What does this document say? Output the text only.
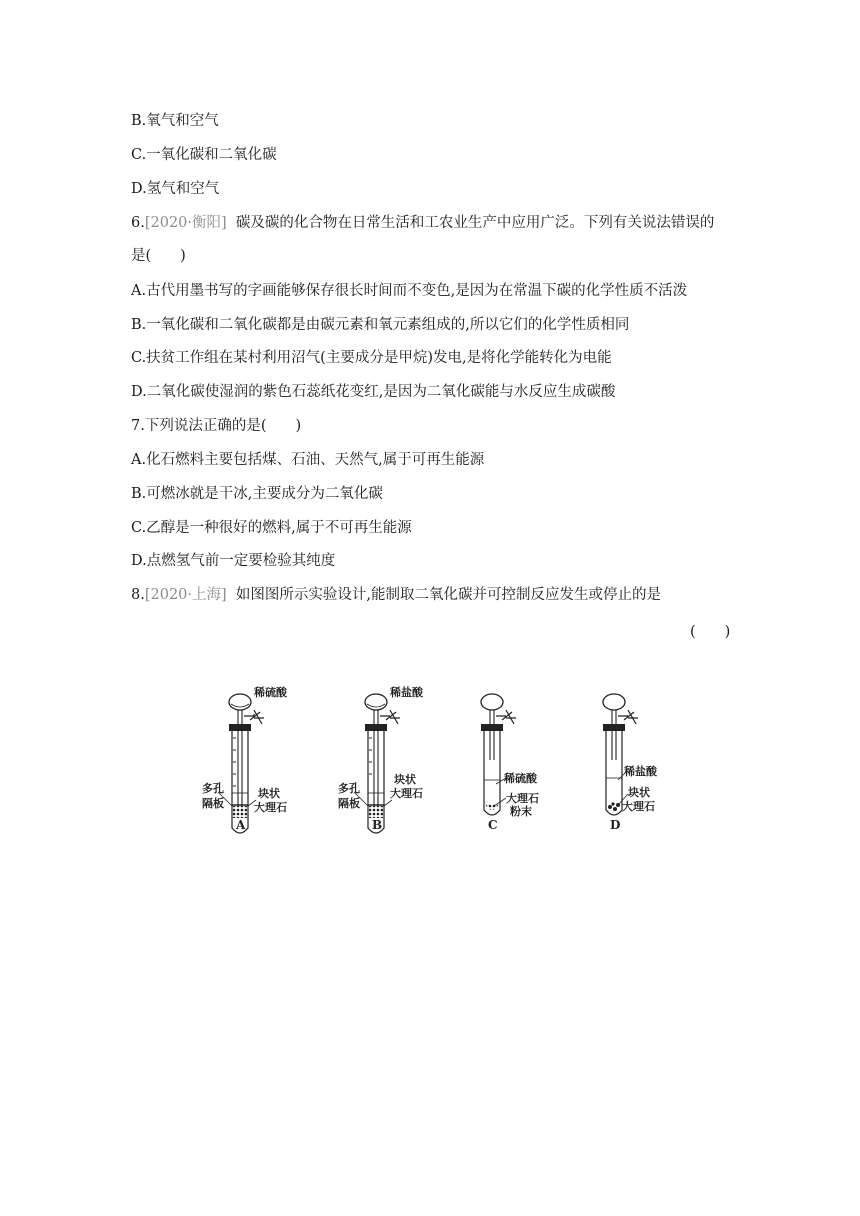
B.氧气和空气
C.一氧化碳和二氧化碳
D.氢气和空气
6.[2020·衡阳] 碳及碳的化合物在日常生活和工农业生产中应用广泛。下列有关说法错误的
是(　　)
A.古代用墨书写的字画能够保存很长时间而不变色,是因为在常温下碳的化学性质不活泼
B.一氧化碳和二氧化碳都是由碳元素和氧元素组成的,所以它们的化学性质相同
C.扶贫工作组在某村利用沼气(主要成分是甲烷)发电,是将化学能转化为电能
D.二氧化碳使湿润的紫色石蕊纸花变红,是因为二氧化碳能与水反应生成碳酸
7.下列说法正确的是(　　)
A.化石燃料主要包括煤、石油、天然气,属于可再生能源
B.可燃冰就是干冰,主要成分为二氧化碳
C.乙醇是一种很好的燃料,属于不可再生能源
D.点燃氢气前一定要检验其纯度
8.[2020·上海] 如图图所示实验设计,能制取二氧化碳并可控制反应发生或停止的是
(　　)
稀硫酸
多孔
隔板
块状
大理石
A
稀盐酸
多孔
隔板
块状
大理石
B
稀硫酸
大理石
粉末
C
稀盐酸
块状
大理石
D
